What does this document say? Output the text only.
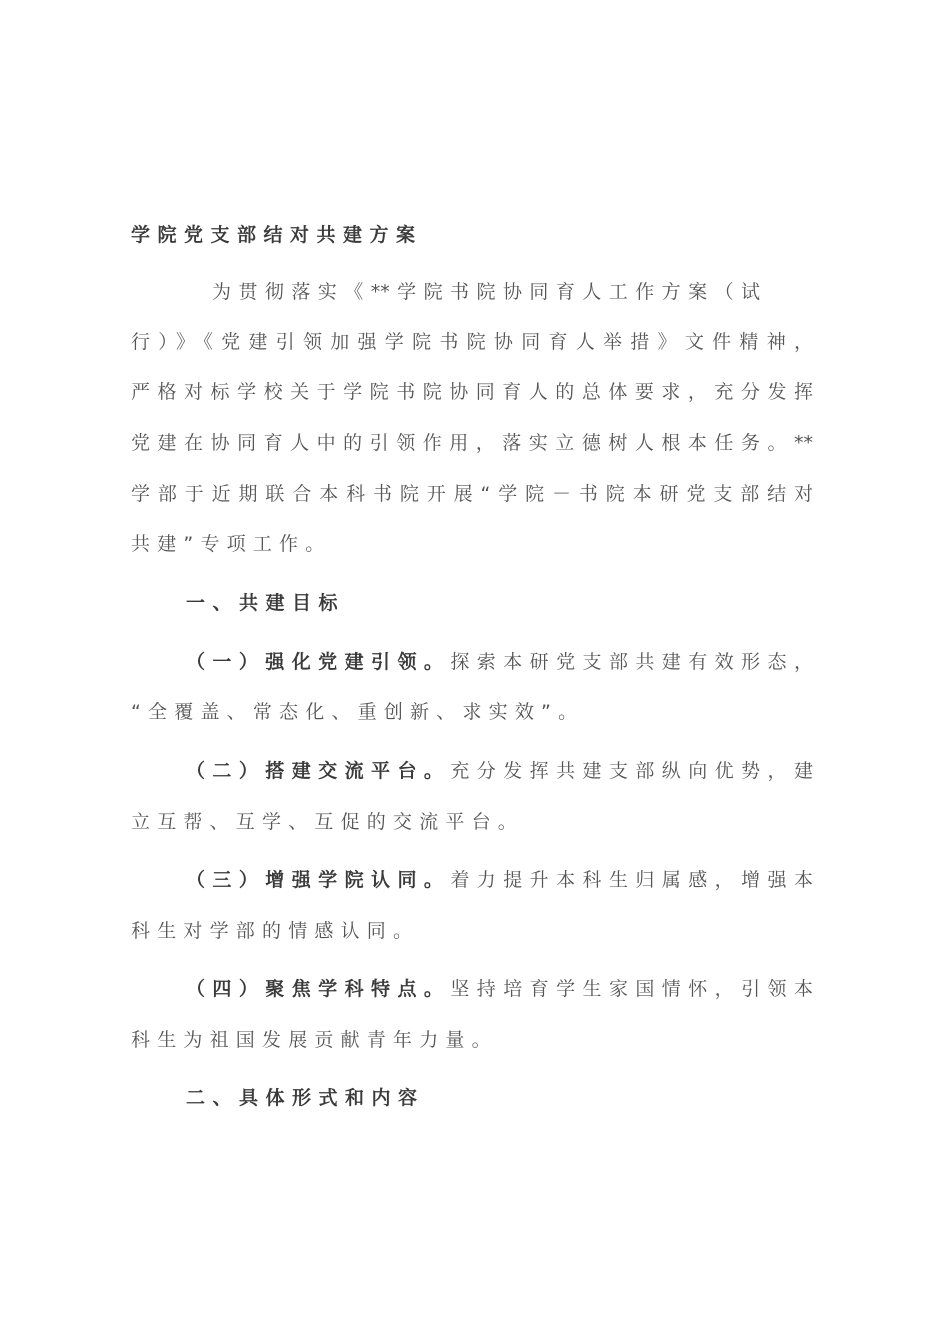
学院党支部结对共建方案
为贯彻落实《**学院书院协同育人工作方案（试
行）》《党建引领加强学院书院协同育人举措》文件精神，
严格对标学校关于学院书院协同育人的总体要求，充分发挥
党建在协同育人中的引领作用，落实立德树人根本任务。**
学部于近期联合本科书院开展“学院－书院本研党支部结对
共建”专项工作。
一、共建目标
（一）强化党建引领。探索本研党支部共建有效形态，
“全覆盖、常态化、重创新、求实效”。
（二）搭建交流平台。充分发挥共建支部纵向优势，建
立互帮、互学、互促的交流平台。
（三）增强学院认同。着力提升本科生归属感，增强本
科生对学部的情感认同。
（四）聚焦学科特点。坚持培育学生家国情怀，引领本
科生为祖国发展贡献青年力量。
二、具体形式和内容
